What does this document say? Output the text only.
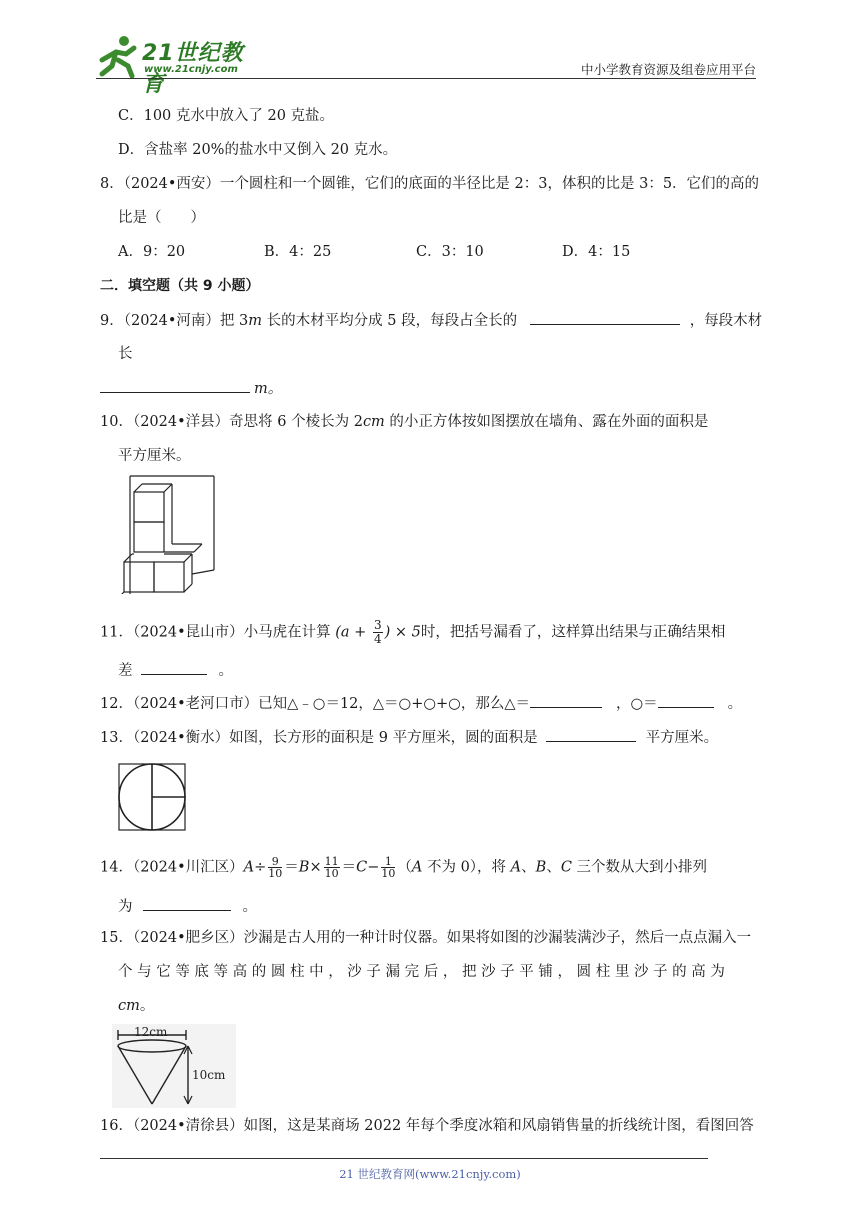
21世纪教育
www.21cnjy.com	中小学教育资源及组卷应用平台
C．100 克水中放入了 20 克盐。
D．含盐率 20%的盐水中又倒入 20 克水。
8．（2024•西安）一个圆柱和一个圆锥，它们的底面的半径比是 2：3，体积的比是 3：5．它们的高的
比是（　　）
A．9：20	B．4：25	C．3：10	D．4：15
二．填空题（共 9 小题）
9．（2024•河南）把 3m 长的木材平均分成 5 段，每段占全长的	，每段木材
长
m。
10．（2024•洋县）奇思将 6 个棱长为 2cm 的小正方体按如图摆放在墙角、露在外面的面积是
平方厘米。
11．（2024•昆山市）小马虎在计算 ($a + \frac{3}{4}$ ) × 5时，把括号漏看了，这样算出结果与正确结果相
差	。
12．（2024•老河口市）已知△﹣○＝12，△＝○+○+○，那么△＝	，○＝	。
13．（2024•衡水）如图，长方形的面积是 9 平方厘米，圆的面积是	平方厘米。
14．（2024•川汇区）$A\div \frac{9}{10} =B\times \frac{11}{10} =C- \frac{1}{10} (A$ 不为 0），将 A、B、C 三个数从大到小排列
为	。
15．（2024•肥乡区）沙漏是古人用的一种计时仪器。如果将如图的沙漏装满沙子，然后一点点漏入一
个 与 它 等 底 等 高 的 圆 柱 中 ， 沙 子 漏 完 后 ， 把 沙 子 平 铺 ， 圆 柱 里 沙 子 的 高 为
cm。
12cm
10cm
16．（2024•清徐县）如图，这是某商场 2022 年每个季度冰箱和风扇销售量的折线统计图，看图回答
21 世纪教育网(www.21cnjy.com)
